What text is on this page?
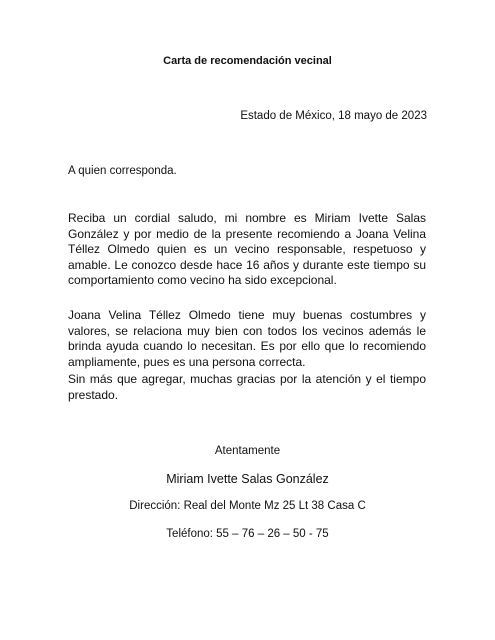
Carta de recomendación vecinal
Estado de México, 18 mayo de 2023
A quien corresponda.
Reciba un cordial saludo, mi nombre es Miriam Ivette Salas González y por medio de la presente recomiendo a Joana Velina Téllez Olmedo quien es un vecino responsable, respetuoso y amable. Le conozco desde hace 16 años y durante este tiempo su comportamiento como vecino ha sido excepcional.
Joana Velina Téllez Olmedo tiene muy buenas costumbres y valores, se relaciona muy bien con todos los vecinos además le brinda ayuda cuando lo necesitan. Es por ello que lo recomiendo ampliamente, pues es una persona correcta.
Sin más que agregar, muchas gracias por la atención y el tiempo prestado.
Atentamente
Miriam Ivette Salas González
Dirección: Real del Monte Mz 25 Lt 38 Casa C
Teléfono: 55 – 76 – 26 – 50 - 75
